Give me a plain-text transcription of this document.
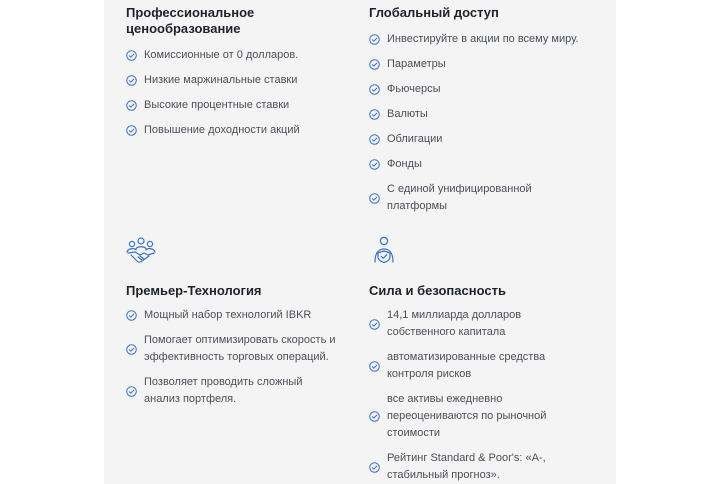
Профессиональное ценообразование
Комиссионные от 0 долларов.
Низкие маржинальные ставки
Высокие процентные ставки
Повышение доходности акций
Глобальный доступ
Инвестируйте в акции по всему миру.
Параметры
Фьючерсы
Валюты
Облигации
Фонды
С единой унифицированной платформы
Премьер-Технология
Мощный набор технологий IBKR
Помогает оптимизировать скорость и эффективность торговых операций.
Позволяет проводить сложный анализ портфеля.
Сила и безопасность
14,1 миллиарда долларов собственного капитала
автоматизированные средства контроля рисков
все активы ежедневно переоцениваются по рыночной стоимости
Рейтинг Standard & Poor's: «A-, стабильный прогноз».
